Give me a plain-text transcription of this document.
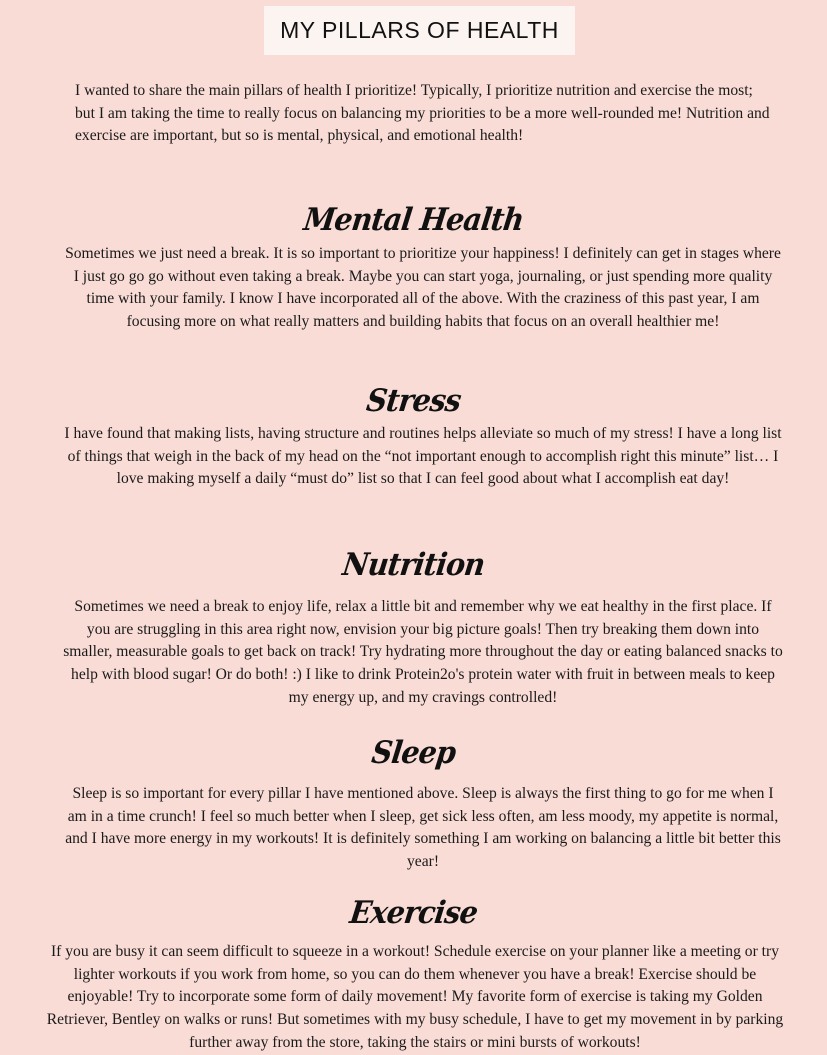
MY PILLARS OF HEALTH

I wanted to share the main pillars of health I prioritize! Typically, I prioritize nutrition and exercise the most; but I am taking the time to really focus on balancing my priorities to be a more well-rounded me! Nutrition and exercise are important, but so is mental, physical, and emotional health!

Mental Health

Sometimes we just need a break. It is so important to prioritize your happiness! I definitely can get in stages where I just go go go without even taking a break. Maybe you can start yoga, journaling, or just spending more quality time with your family. I know I have incorporated all of the above. With the craziness of this past year, I am focusing more on what really matters and building habits that focus on an overall healthier me!

Stress

I have found that making lists, having structure and routines helps alleviate so much of my stress! I have a long list of things that weigh in the back of my head on the “not important enough to accomplish right this minute” list… I love making myself a daily “must do” list so that I can feel good about what I accomplish eat day!

Nutrition

Sometimes we need a break to enjoy life, relax a little bit and remember why we eat healthy in the first place. If you are struggling in this area right now, envision your big picture goals! Then try breaking them down into smaller, measurable goals to get back on track! Try hydrating more throughout the day or eating balanced snacks to help with blood sugar! Or do both! :) I like to drink Protein2o's protein water with fruit in between meals to keep my energy up, and my cravings controlled!

Sleep

Sleep is so important for every pillar I have mentioned above. Sleep is always the first thing to go for me when I am in a time crunch! I feel so much better when I sleep, get sick less often, am less moody, my appetite is normal, and I have more energy in my workouts! It is definitely something I am working on balancing a little bit better this year!

Exercise

If you are busy it can seem difficult to squeeze in a workout! Schedule exercise on your planner like a meeting or try lighter workouts if you work from home, so you can do them whenever you have a break! Exercise should be enjoyable! Try to incorporate some form of daily movement! My favorite form of exercise is taking my Golden Retriever, Bentley on walks or runs! But sometimes with my busy schedule, I have to get my movement in by parking further away from the store, taking the stairs or mini bursts of workouts!
